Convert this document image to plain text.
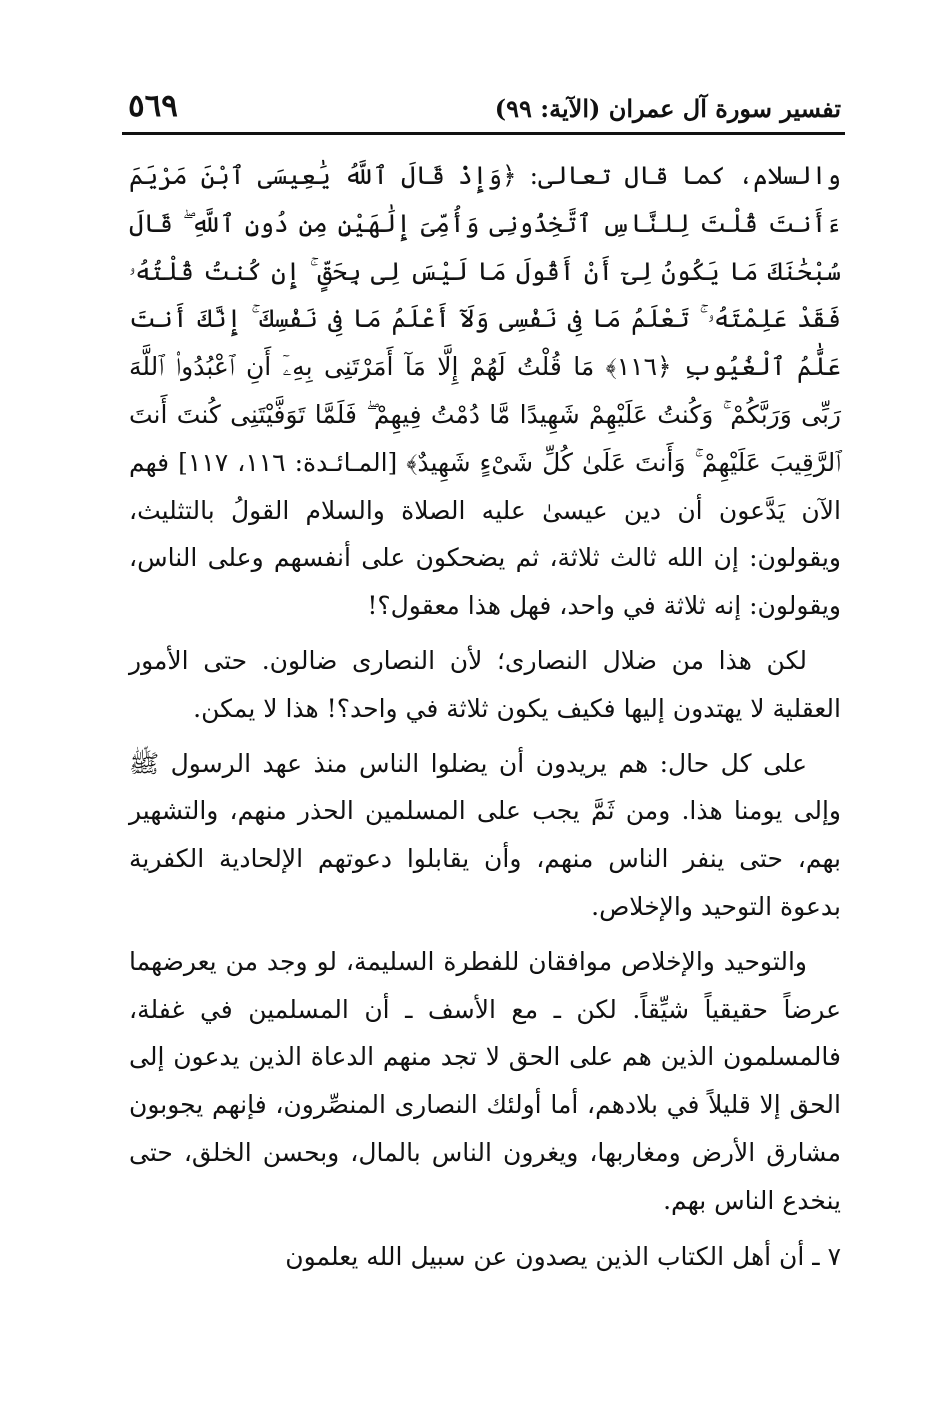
تفسير سورة آل عمران (الآية: ٩٩)
٥٦٩

والسلام، كما قال تعالى: ﴿وَإِذْ قَالَ ٱللَّهُ يَٰعِيسَى ٱبْنَ مَرْيَمَ ءَأَنتَ قُلْتَ لِلنَّاسِ ٱتَّخِذُونِى وَأُمِّىَ إِلَٰهَيْنِ مِن دُونِ ٱللَّهِ ۖ قَالَ سُبْحَٰنَكَ مَا يَكُونُ لِىٓ أَنْ أَقُولَ مَا لَيْسَ لِى بِحَقٍّ ۚ إِن كُنتُ قُلْتُهُۥ فَقَدْ عَلِمْتَهُۥ ۚ تَعْلَمُ مَا فِى نَفْسِى وَلَآ أَعْلَمُ مَا فِى نَفْسِكَ ۚ إِنَّكَ أَنتَ عَلَّٰمُ ٱلْغُيُوبِ ﴿١١٦﴾ مَا قُلْتُ لَهُمْ إِلَّا مَآ أَمَرْتَنِى بِهِۦٓ أَنِ ٱعْبُدُوا۟ ٱللَّهَ رَبِّى وَرَبَّكُمْ ۚ وَكُنتُ عَلَيْهِمْ شَهِيدًا مَّا دُمْتُ فِيهِمْ ۖ فَلَمَّا تَوَفَّيْتَنِى كُنتَ أَنتَ ٱلرَّقِيبَ عَلَيْهِمْ ۚ وَأَنتَ عَلَىٰ كُلِّ شَىْءٍ شَهِيدٌ﴾ [المـائـدة: ١١٦، ١١٧] فهم الآن يَدَّعون أن دين عيسىٰ عليه الصلاة والسلام القولُ بالتثليث، ويقولون: إن الله ثالث ثلاثة، ثم يضحكون على أنفسهم وعلى الناس، ويقولون: إنه ثلاثة في واحد، فهل هذا معقول؟!

لكن هذا من ضلال النصارى؛ لأن النصارى ضالون. حتى الأمور العقلية لا يهتدون إليها فكيف يكون ثلاثة في واحد؟! هذا لا يمكن.

على كل حال: هم يريدون أن يضلوا الناس منذ عهد الرسول ﷺ وإلى يومنا هذا. ومن ثَمَّ يجب على المسلمين الحذر منهم، والتشهير بهم، حتى ينفر الناس منهم، وأن يقابلوا دعوتهم الإلحادية الكفرية بدعوة التوحيد والإخلاص.

والتوحيد والإخلاص موافقان للفطرة السليمة، لو وجد من يعرضهما عرضاً حقيقياً شيِّقاً. لكن ـ مع الأسف ـ أن المسلمين في غفلة، فالمسلمون الذين هم على الحق لا تجد منهم الدعاة الذين يدعون إلى الحق إلا قليلاً في بلادهم، أما أولئك النصارى المنصِّرون، فإنهم يجوبون مشارق الأرض ومغاربها، ويغرون الناس بالمال، وبحسن الخلق، حتى ينخدع الناس بهم.

٧ ـ أن أهل الكتاب الذين يصدون عن سبيل الله يعلمون
